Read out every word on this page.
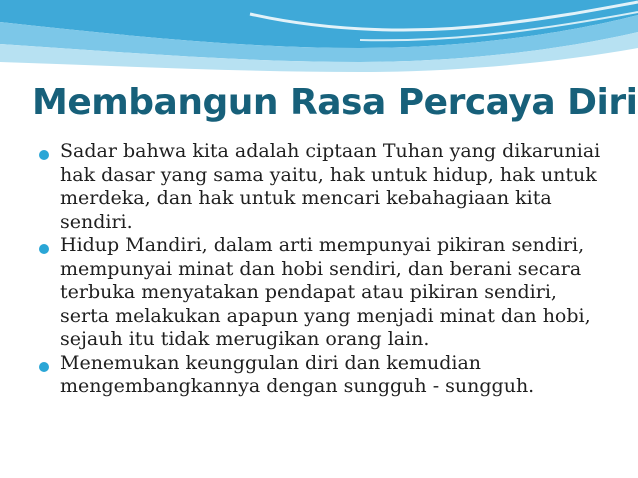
Membangun Rasa Percaya Diri
Sadar bahwa kita adalah ciptaan Tuhan yang dikaruniai hak dasar yang sama yaitu, hak untuk hidup, hak untuk merdeka, dan hak untuk mencari kebahagiaan kita sendiri.
Hidup Mandiri, dalam arti mempunyai pikiran sendiri, mempunyai minat dan hobi sendiri, dan berani secara terbuka menyatakan pendapat atau pikiran sendiri, serta melakukan apapun yang menjadi minat dan hobi, sejauh itu tidak merugikan orang lain.
Menemukan keunggulan diri dan kemudian mengembangkannya dengan sungguh - sungguh.
